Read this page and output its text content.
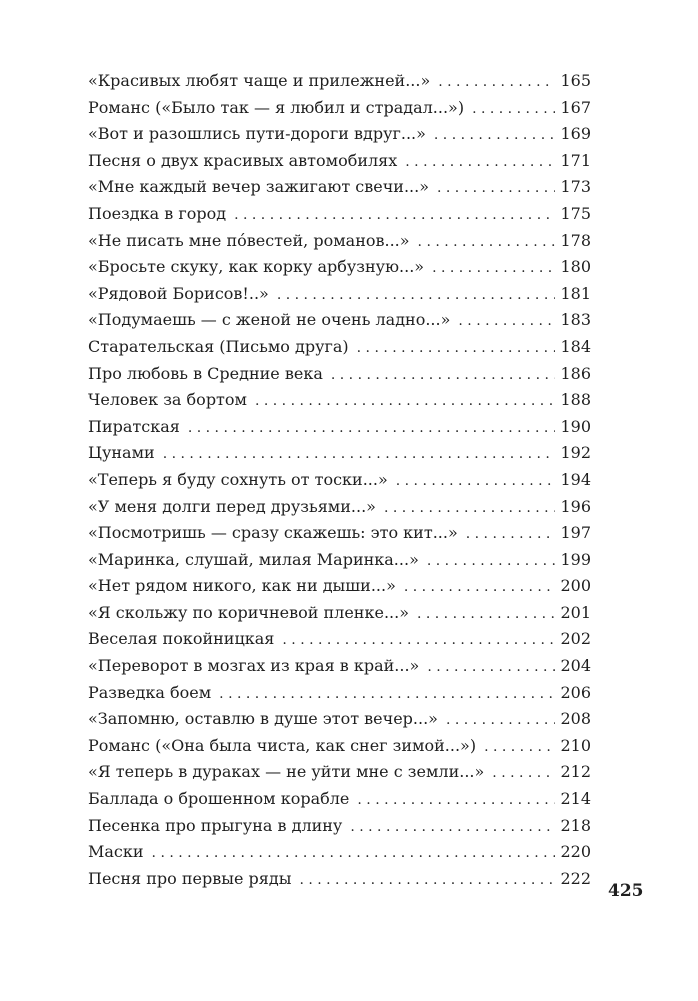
«Красивых любят чаще и прилежней...» . . .	165
Романс («Было так — я любил и страдал...») . . .	167
«Вот и разошлись пути-дороги вдруг...» . . .	169
Песня о двух красивых автомобилях . . .	171
«Мне каждый вечер зажигают свечи...» . . .	173
Поездка в город . . .	175
«Не писать мне по́вестей, романов...» . . .	178
«Бросьте скуку, как корку арбузную...» . . .	180
«Рядовой Борисов!..» . . .	181
«Подумаешь — с женой не очень ладно...» . . .	183
Старательская (Письмо друга) . . .	184
Про любовь в Средние века . . .	186
Человек за бортом . . .	188
Пиратская . . .	190
Цунами . . .	192
«Теперь я буду сохнуть от тоски...» . . .	194
«У меня долги перед друзьями...» . . .	196
«Посмотришь — сразу скажешь: это кит...» . . .	197
«Маринка, слушай, милая Маринка...» . . .	199
«Нет рядом никого, как ни дыши...» . . .	200
«Я скольжу по коричневой пленке...» . . .	201
Веселая покойницкая . . .	202
«Переворот в мозгах из края в край...» . . .	204
Разведка боем . . .	206
«Запомню, оставлю в душе этот вечер...» . . .	208
Романс («Она была чиста, как снег зимой...») . . .	210
«Я теперь в дураках — не уйти мне с земли...» . . .	212
Баллада о брошенном корабле . . .	214
Песенка про прыгуна в длину . . .	218
Маски . . .	220
Песня про первые ряды . . .	222
425
